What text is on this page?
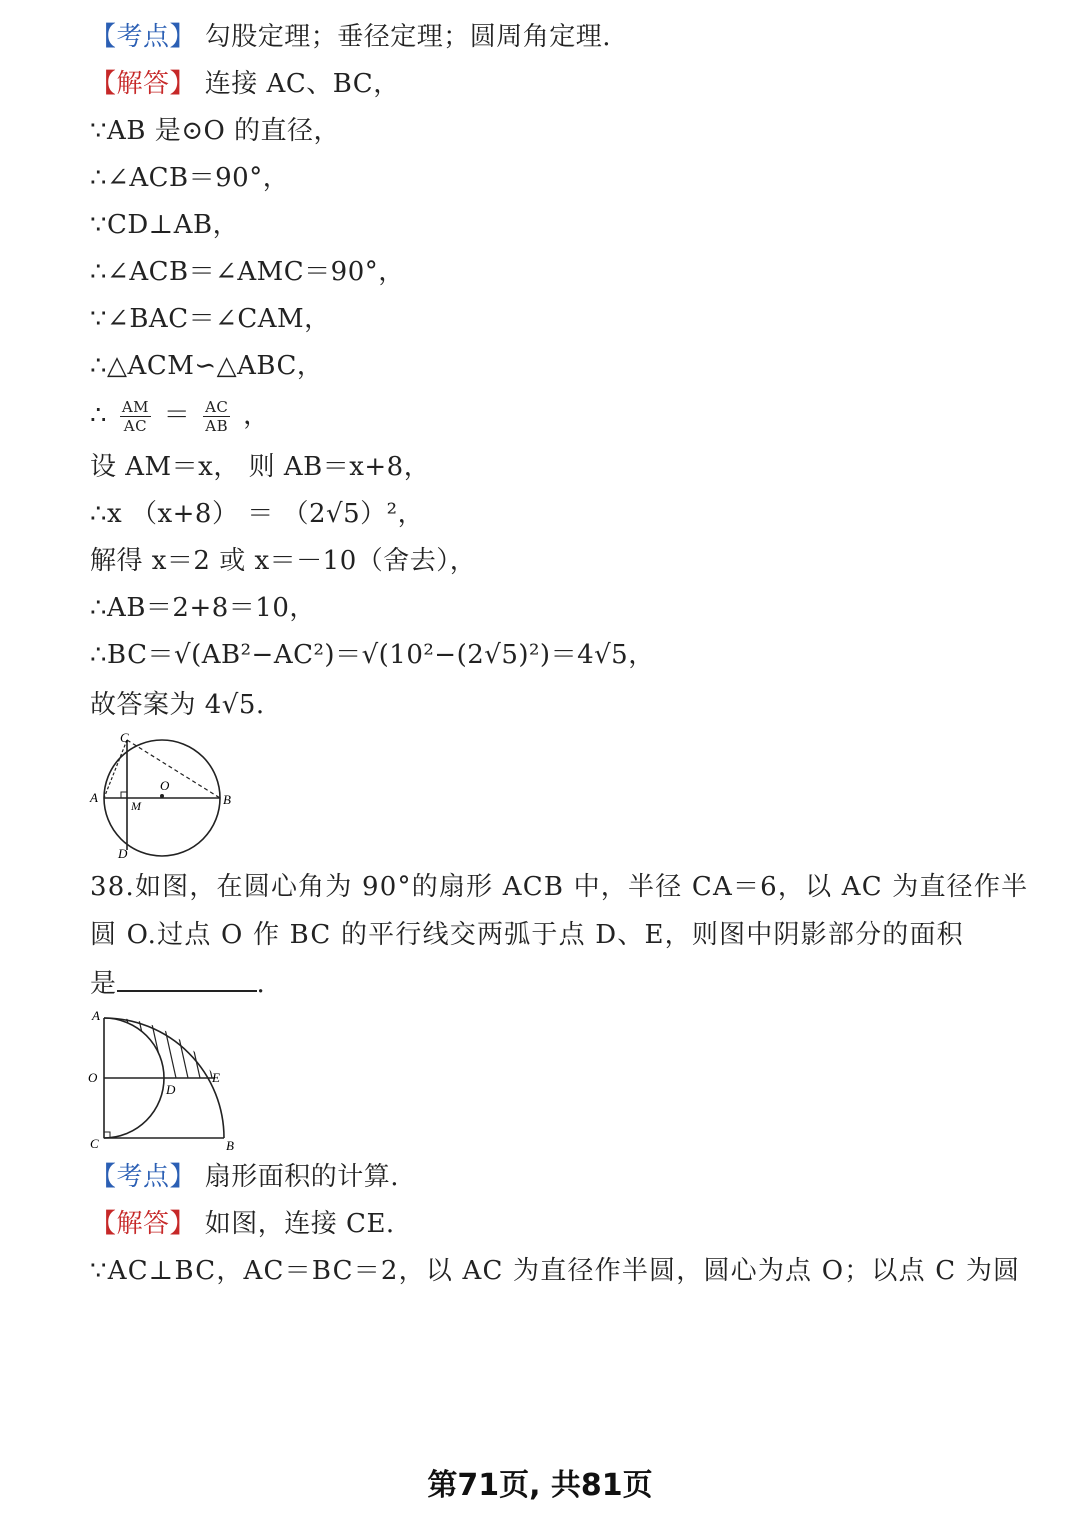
【考点】 勾股定理；垂径定理；圆周角定理.
【解答】 连接 AC、BC，
∵AB 是⊙O 的直径，
∴∠ACB＝90°，
∵CD⊥AB，
∴∠ACB＝∠AMC＝90°，
∵∠BAC＝∠CAM，
∴△ACM∽△ABC，
∴ $\frac{AM}{AC} = \frac{AC}{AB}$ ，
设 AM＝x， 则 AB＝x+8，
∴x （x+8） ＝ （2√5）²，
解得 x＝2 或 x＝－10（舍去），
∴AB＝2+8＝10，
∴BC＝√(AB²−AC²)＝√(10²−(2√5)²)＝4√5，
故答案为 4√5.
C
A
O
B
M
D
38.如图，在圆心角为 90°的扇形 ACB 中，半径 CA＝6，以 AC 为直径作半
圆 O.过点 O 作 BC 的平行线交两弧于点 D、E，则图中阴影部分的面积
是	.
A
O
C
D
E
B
【考点】 扇形面积的计算.
【解答】 如图，连接 CE.
∵AC⊥BC，AC＝BC＝2，以 AC 为直径作半圆，圆心为点 O；以点 C 为圆
第71页, 共81页
